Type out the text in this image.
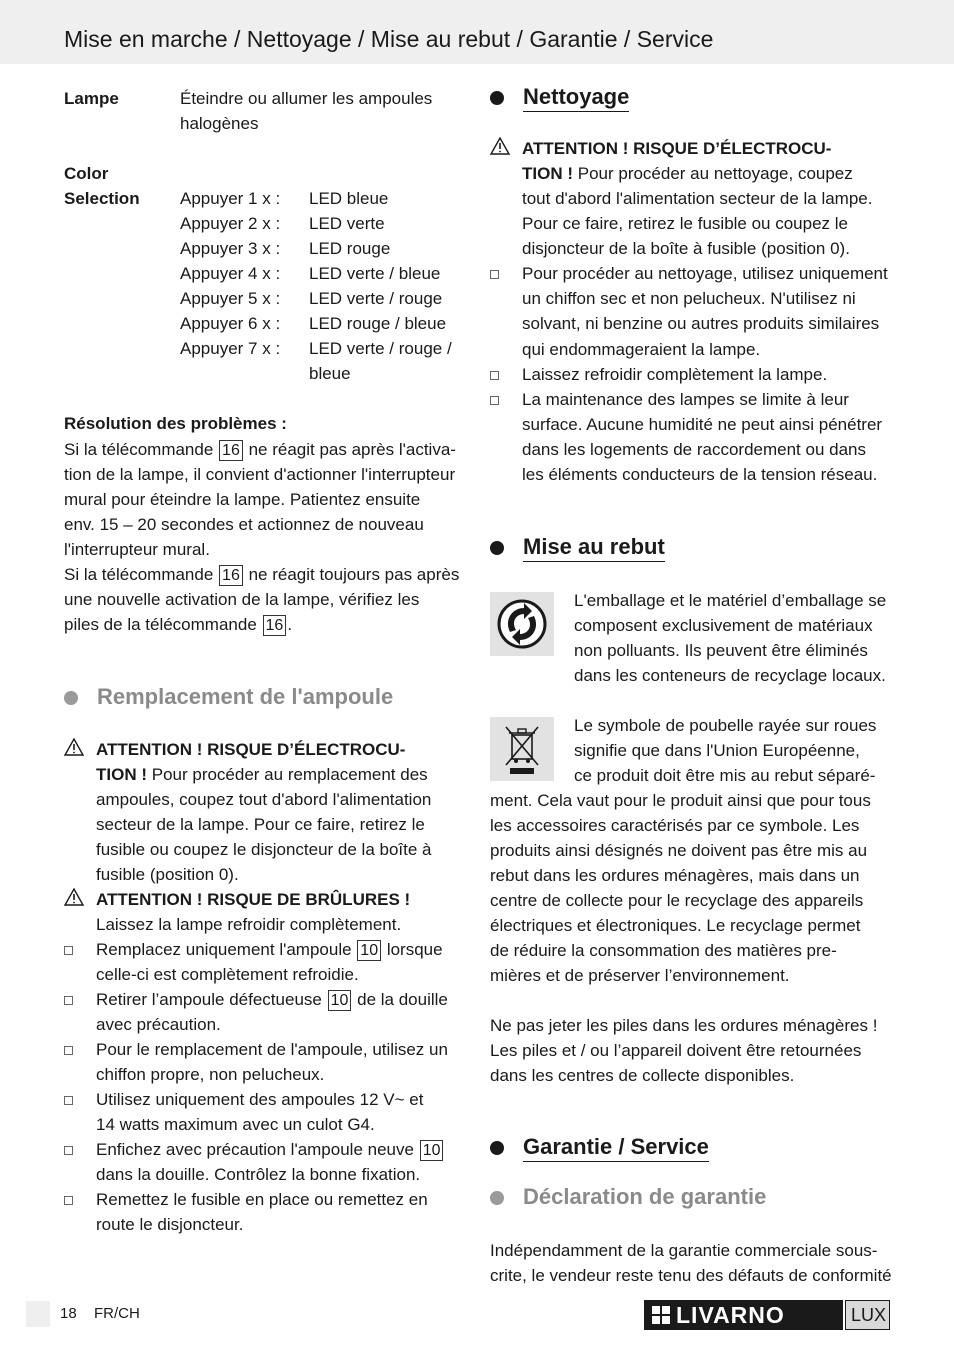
Mise en marche / Nettoyage / Mise au rebut / Garantie / Service
Lampe	Éteindre ou allumer les ampoules
halogènes
Color
Selection Appuyer 1 x : LED bleue
Appuyer 2 x : LED verte
Appuyer 3 x : LED rouge
Appuyer 4 x : LED verte / bleue
Appuyer 5 x : LED verte / rouge
Appuyer 6 x : LED rouge / bleue
Appuyer 7 x : LED verte / rouge /
bleue
Résolution des problèmes :
Si la télécommande 16 ne réagit pas après l'activa-
tion de la lampe, il convient d'actionner l'interrupteur
mural pour éteindre la lampe. Patientez ensuite
env. 15 – 20 secondes et actionnez de nouveau
l'interrupteur mural.
Si la télécommande 16 ne réagit toujours pas après
une nouvelle activation de la lampe, vérifiez les
piles de la télécommande 16 .
Remplacement de l'ampoule
ATTENTION ! RISQUE D’ÉLECTROCU-
TION ! Pour procéder au remplacement des
ampoules, coupez tout d'abord l'alimentation
secteur de la lampe. Pour ce faire, retirez le
fusible ou coupez le disjoncteur de la boîte à
fusible (position 0).
ATTENTION ! RISQUE DE BRÛLURES !
Laissez la lampe refroidir complètement.
Remplacez uniquement l'ampoule 10 lorsque
celle-ci est complètement refroidie.
Retirer l’ampoule défectueuse 10 de la douille
avec précaution.
Pour le remplacement de l'ampoule, utilisez un
chiffon propre, non pelucheux.
Utilisez uniquement des ampoules 12 V~ et
14 watts maximum avec un culot G4.
Enfichez avec précaution l'ampoule neuve 10
dans la douille. Contrôlez la bonne fixation.
Remettez le fusible en place ou remettez en
route le disjoncteur.
Nettoyage
ATTENTION ! RISQUE D’ÉLECTROCU-
TION ! Pour procéder au nettoyage, coupez
tout d'abord l'alimentation secteur de la lampe.
Pour ce faire, retirez le fusible ou coupez le
disjoncteur de la boîte à fusible (position 0).
Pour procéder au nettoyage, utilisez uniquement
un chiffon sec et non pelucheux. N'utilisez ni
solvant, ni benzine ou autres produits similaires
qui endommageraient la lampe.
Laissez refroidir complètement la lampe.
La maintenance des lampes se limite à leur
surface. Aucune humidité ne peut ainsi pénétrer
dans les logements de raccordement ou dans
les éléments conducteurs de la tension réseau.
Mise au rebut
L'emballage et le matériel d’emballage se
composent exclusivement de matériaux
non polluants. Ils peuvent être éliminés
dans les conteneurs de recyclage locaux.
Le symbole de poubelle rayée sur roues
signifie que dans l'Union Européenne,
ce produit doit être mis au rebut séparé-
ment. Cela vaut pour le produit ainsi que pour tous
les accessoires caractérisés par ce symbole. Les
produits ainsi désignés ne doivent pas être mis au
rebut dans les ordures ménagères, mais dans un
centre de collecte pour le recyclage des appareils
électriques et électroniques. Le recyclage permet
de réduire la consommation des matières pre-
mières et de préserver l’environnement.
Ne pas jeter les piles dans les ordures ménagères !
Les piles et / ou l’appareil doivent être retournées
dans les centres de collecte disponibles.
Garantie / Service
Déclaration de garantie
Indépendamment de la garantie commerciale sous-
crite, le vendeur reste tenu des défauts de conformité
18 FR/CH	LIVARNO	LUX
